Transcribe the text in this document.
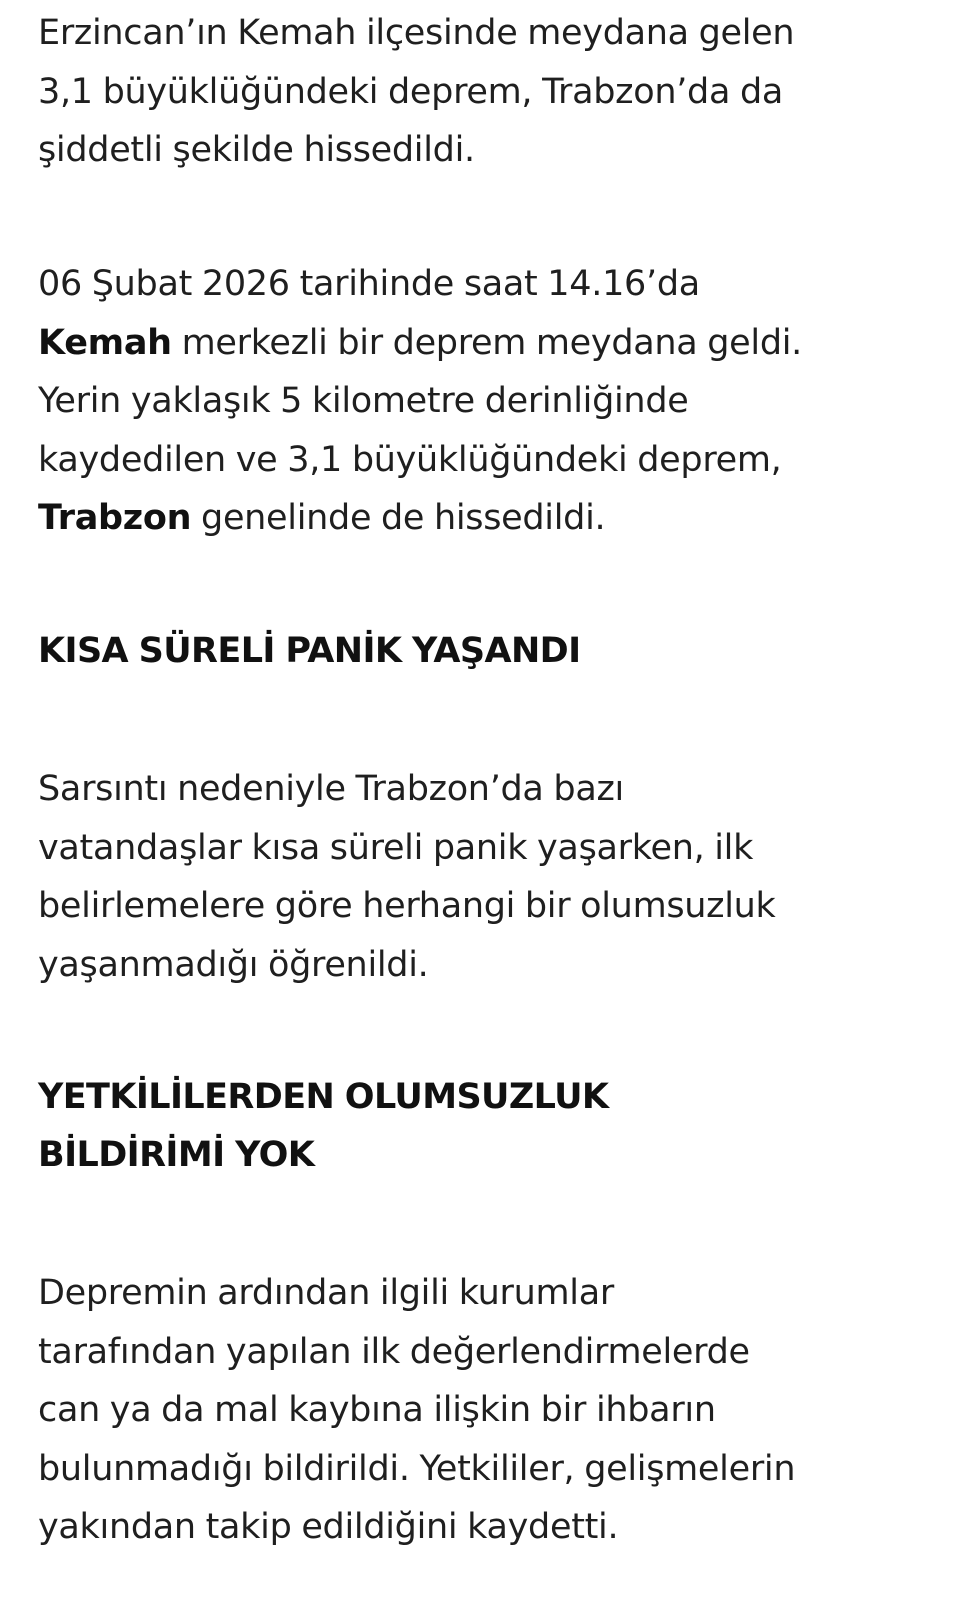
Erzincan’ın Kemah ilçesinde meydana gelen
3,1 büyüklüğündeki deprem, Trabzon’da da
şiddetli şekilde hissedildi.

06 Şubat 2026 tarihinde saat 14.16’da
Kemah merkezli bir deprem meydana geldi.
Yerin yaklaşık 5 kilometre derinliğinde
kaydedilen ve 3,1 büyüklüğündeki deprem,
Trabzon genelinde de hissedildi.

KISA SÜRELİ PANİK YAŞANDI

Sarsıntı nedeniyle Trabzon’da bazı
vatandaşlar kısa süreli panik yaşarken, ilk
belirlemelere göre herhangi bir olumsuzluk
yaşanmadığı öğrenildi.

YETKİLİLERDEN OLUMSUZLUK
BİLDİRİMİ YOK

Depremin ardından ilgili kurumlar
tarafından yapılan ilk değerlendirmelerde
can ya da mal kaybına ilişkin bir ihbarın
bulunmadığı bildirildi. Yetkililer, gelişmelerin
yakından takip edildiğini kaydetti.
